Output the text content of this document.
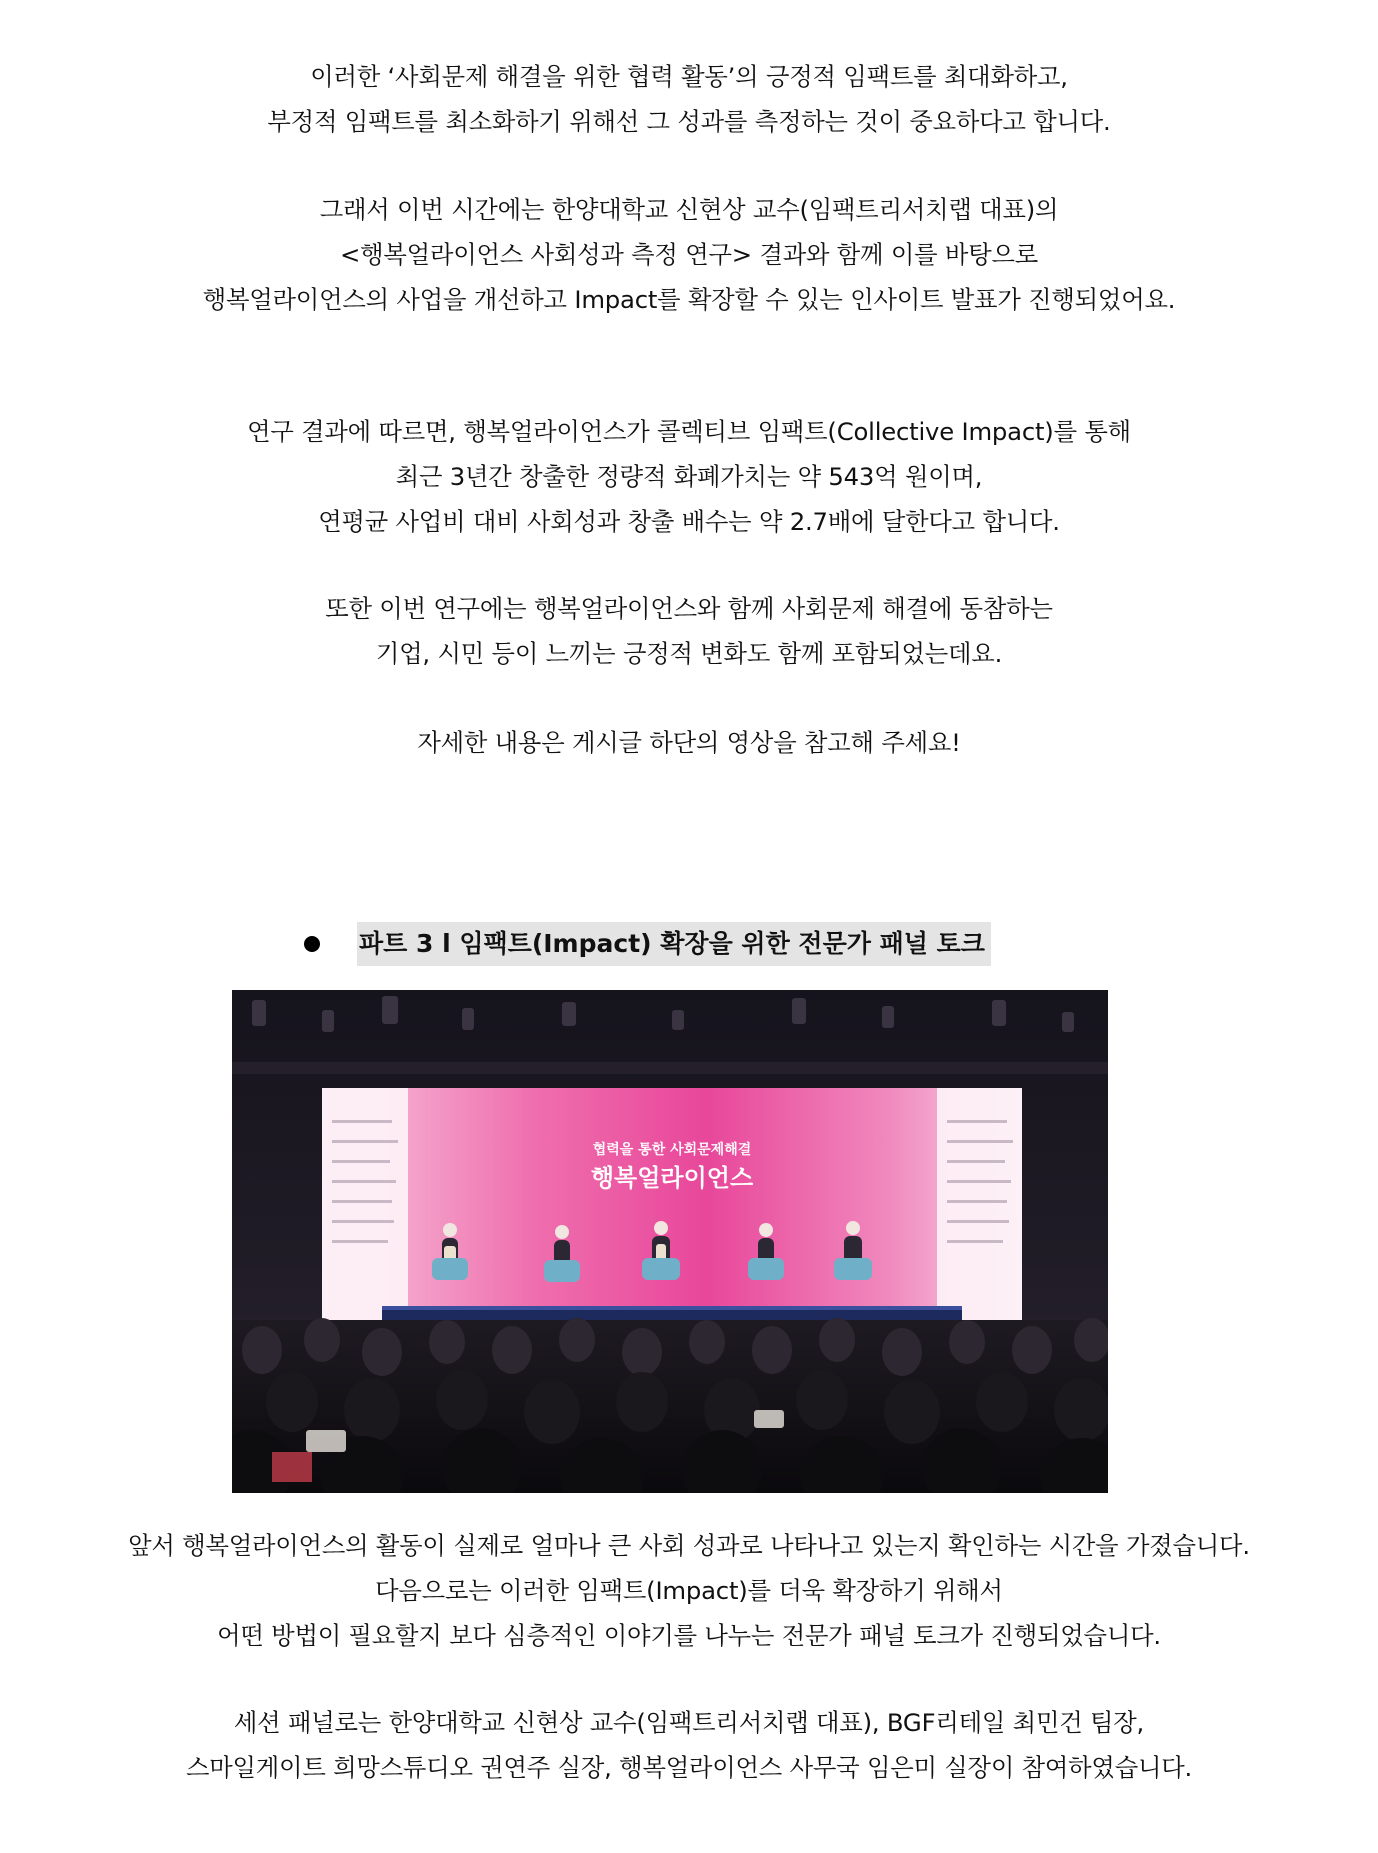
이러한 ‘사회문제 해결을 위한 협력 활동’의 긍정적 임팩트를 최대화하고,
부정적 임팩트를 최소화하기 위해선 그 성과를 측정하는 것이 중요하다고 합니다.
그래서 이번 시간에는 한양대학교 신현상 교수(임팩트리서치랩 대표)의
<행복얼라이언스 사회성과 측정 연구> 결과와 함께 이를 바탕으로
행복얼라이언스의 사업을 개선하고 Impact를 확장할 수 있는 인사이트 발표가 진행되었어요.
연구 결과에 따르면, 행복얼라이언스가 콜렉티브 임팩트(Collective Impact)를 통해
최근 3년간 창출한 정량적 화폐가치는 약 543억 원이며,
연평균 사업비 대비 사회성과 창출 배수는 약 2.7배에 달한다고 합니다.
또한 이번 연구에는 행복얼라이언스와 함께 사회문제 해결에 동참하는
기업, 시민 등이 느끼는 긍정적 변화도 함께 포함되었는데요.
자세한 내용은 게시글 하단의 영상을 참고해 주세요!
파트 3 l 임팩트(Impact) 확장을 위한 전문가 패널 토크
협력을 통한 사회문제해결
행복얼라이언스
앞서 행복얼라이언스의 활동이 실제로 얼마나 큰 사회 성과로 나타나고 있는지 확인하는 시간을 가졌습니다.
다음으로는 이러한 임팩트(Impact)를 더욱 확장하기 위해서
어떤 방법이 필요할지 보다 심층적인 이야기를 나누는 전문가 패널 토크가 진행되었습니다.
세션 패널로는 한양대학교 신현상 교수(임팩트리서치랩 대표), BGF리테일 최민건 팀장,
스마일게이트 희망스튜디오 권연주 실장, 행복얼라이언스 사무국 임은미 실장이 참여하였습니다.
